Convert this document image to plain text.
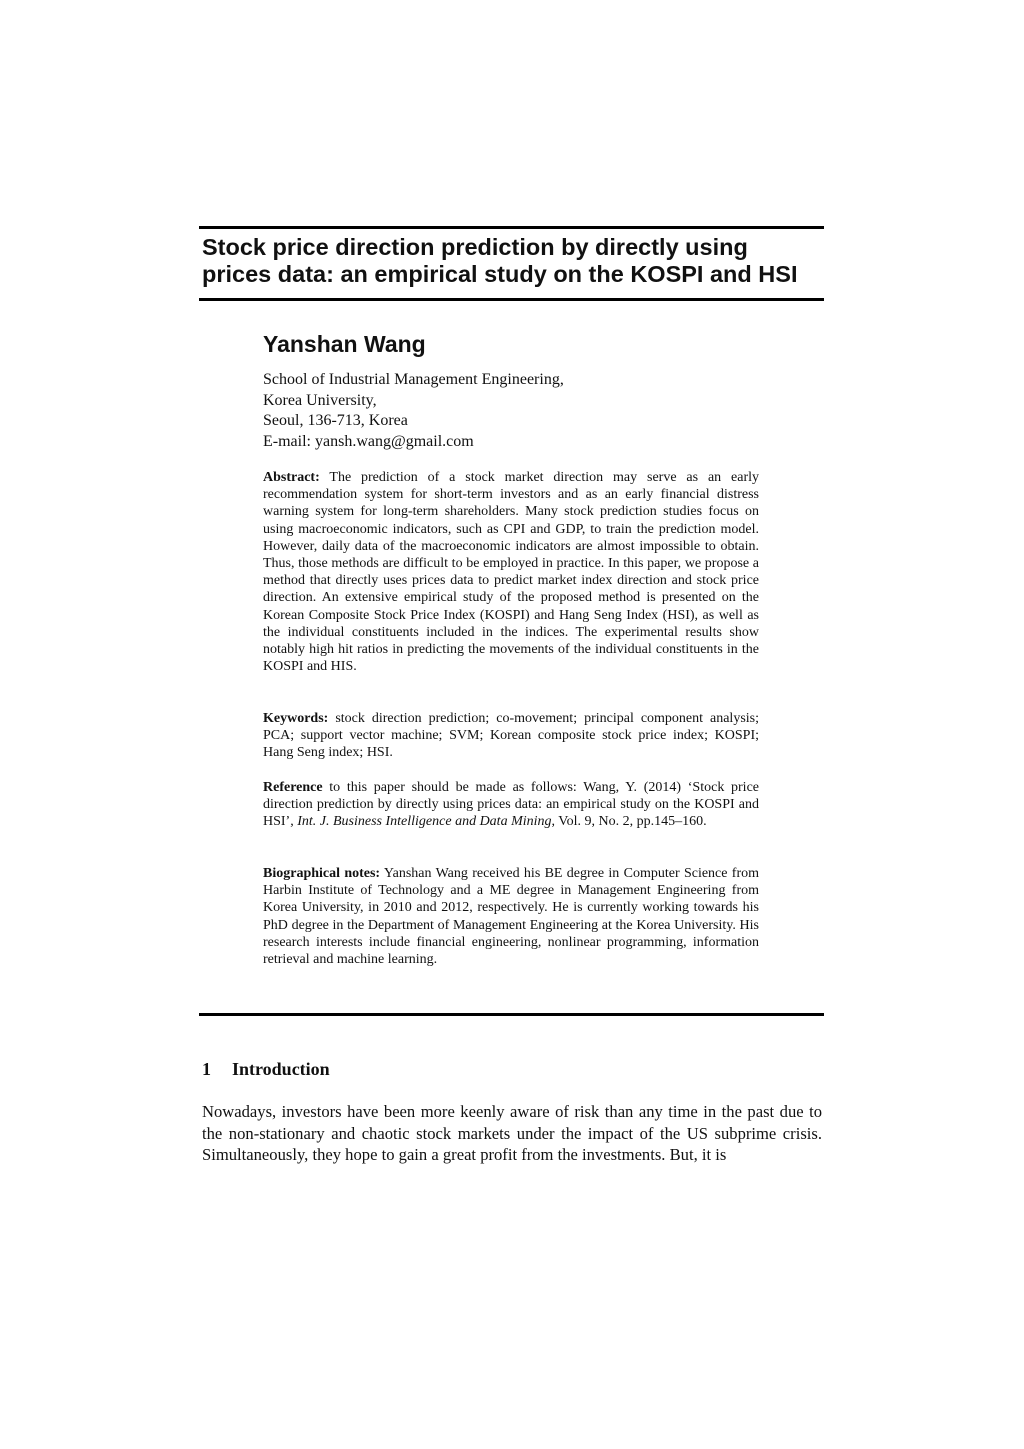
Stock price direction prediction by directly using
prices data: an empirical study on the KOSPI and HSI
Yanshan Wang
School of Industrial Management Engineering,
Korea University,
Seoul, 136-713, Korea
E-mail: yansh.wang@gmail.com

Abstract: The prediction of a stock market direction may serve as an early recommendation system for short-term investors and as an early financial distress warning system for long-term shareholders. Many stock prediction studies focus on using macroeconomic indicators, such as CPI and GDP, to train the prediction model. However, daily data of the macroeconomic indicators are almost impossible to obtain. Thus, those methods are difficult to be employed in practice. In this paper, we propose a method that directly uses prices data to predict market index direction and stock price direction. An extensive empirical study of the proposed method is presented on the Korean Composite Stock Price Index (KOSPI) and Hang Seng Index (HSI), as well as the individual constituents included in the indices. The experimental results show notably high hit ratios in predicting the movements of the individual constituents in the KOSPI and HIS.

Keywords: stock direction prediction; co-movement; principal component analysis; PCA; support vector machine; SVM; Korean composite stock price index; KOSPI; Hang Seng index; HSI.

Reference to this paper should be made as follows: Wang, Y. (2014) ‘Stock price direction prediction by directly using prices data: an empirical study on the KOSPI and HSI’, Int. J. Business Intelligence and Data Mining, Vol. 9, No. 2, pp.145–160.

Biographical notes: Yanshan Wang received his BE degree in Computer Science from Harbin Institute of Technology and a ME degree in Management Engineering from Korea University, in 2010 and 2012, respectively. He is currently working towards his PhD degree in the Department of Management Engineering at the Korea University. His research interests include financial engineering, nonlinear programming, information retrieval and machine learning.

1 Introduction

Nowadays, investors have been more keenly aware of risk than any time in the past due to the non-stationary and chaotic stock markets under the impact of the US subprime crisis. Simultaneously, they hope to gain a great profit from the investments. But, it is
